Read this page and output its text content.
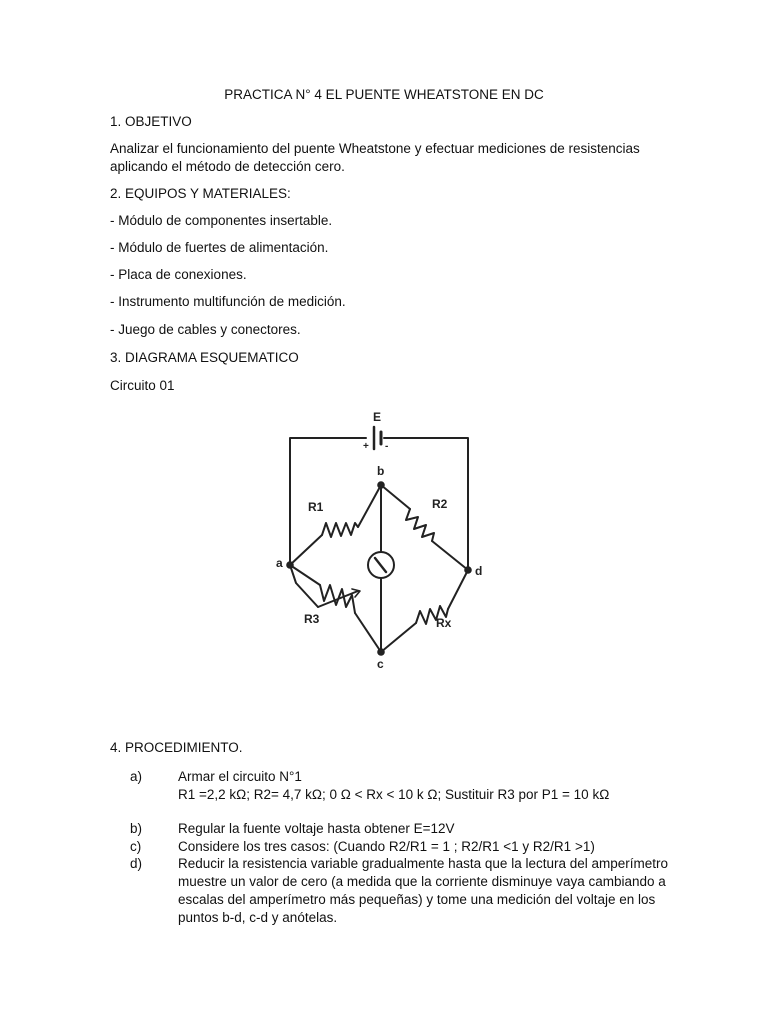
PRACTICA N° 4 EL PUENTE WHEATSTONE EN DC
1. OBJETIVO
Analizar el funcionamiento del puente Wheatstone y efectuar mediciones de resistencias aplicando el método de detección cero.
2. EQUIPOS Y MATERIALES:
- Módulo de componentes insertable.
- Módulo de fuertes de alimentación.
- Placa de conexiones.
- Instrumento multifunción de medición.
- Juego de cables y conectores.
3. DIAGRAMA ESQUEMATICO
Circuito 01
E
+ -
b
a
d
c
R1	R2
R3	Rx
4. PROCEDIMIENTO.
a)	Armar el circuito N°1
R1 =2,2 kΩ; R2= 4,7 kΩ; 0 Ω < Rx < 10 k Ω; Sustituir R3 por P1 = 10 kΩ
b)	Regular la fuente voltaje hasta obtener E=12V
c)	Considere los tres casos: (Cuando R2/R1 = 1 ; R2/R1 <1 y R2/R1 >1)
d)	Reducir la resistencia variable gradualmente hasta que la lectura del amperímetro muestre un valor de cero (a medida que la corriente disminuye vaya cambiando a escalas del amperímetro más pequeñas) y tome una medición del voltaje en los puntos b-d, c-d y anótelas.
